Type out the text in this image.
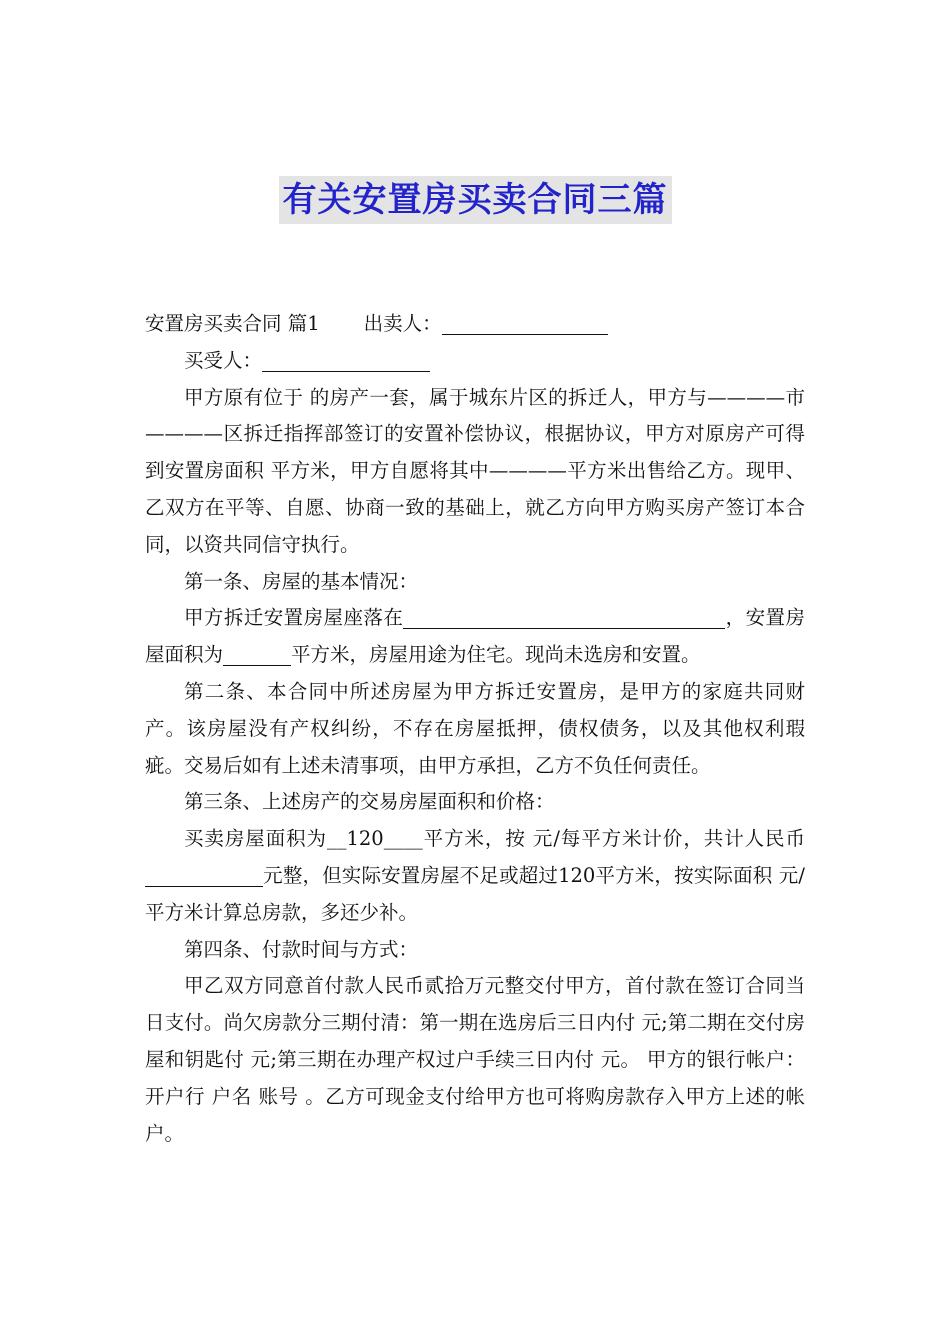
有关安置房买卖合同三篇

安置房买卖合同 篇1 出卖人：

买受人：

甲方原有位于 的房产一套，属于城东片区的拆迁人，甲方与————市————区拆迁指挥部签订的安置补偿协议，根据协议，甲方对原房产可得到安置房面积 平方米，甲方自愿将其中————平方米出售给乙方。现甲、乙双方在平等、自愿、协商一致的基础上，就乙方向甲方购买房产签订本合同，以资共同信守执行。

第一条、房屋的基本情况：

甲方拆迁安置房屋座落在	，安置房屋面积为	平方米，房屋用途为住宅。现尚未选房和安置。

第二条、本合同中所述房屋为甲方拆迁安置房，是甲方的家庭共同财产。该房屋没有产权纠纷，不存在房屋抵押，债权债务，以及其他权利瑕疵。交易后如有上述未清事项，由甲方承担，乙方不负任何责任。

第三条、上述房产的交易房屋面积和价格：

买卖房屋面积为__120____平方米，按 元/每平方米计价，共计人民币元整，但实际安置房屋不足或超过120平方米，按实际面积 元/平方米计算总房款，多还少补。

第四条、付款时间与方式：

甲乙双方同意首付款人民币贰拾万元整交付甲方，首付款在签订合同当日支付。尚欠房款分三期付清：第一期在选房后三日内付 元;第二期在交付房屋和钥匙付 元;第三期在办理产权过户手续三日内付 元。 甲方的银行帐户：开户行 户名 账号 。乙方可现金支付给甲方也可将购房款存入甲方上述的帐户。
